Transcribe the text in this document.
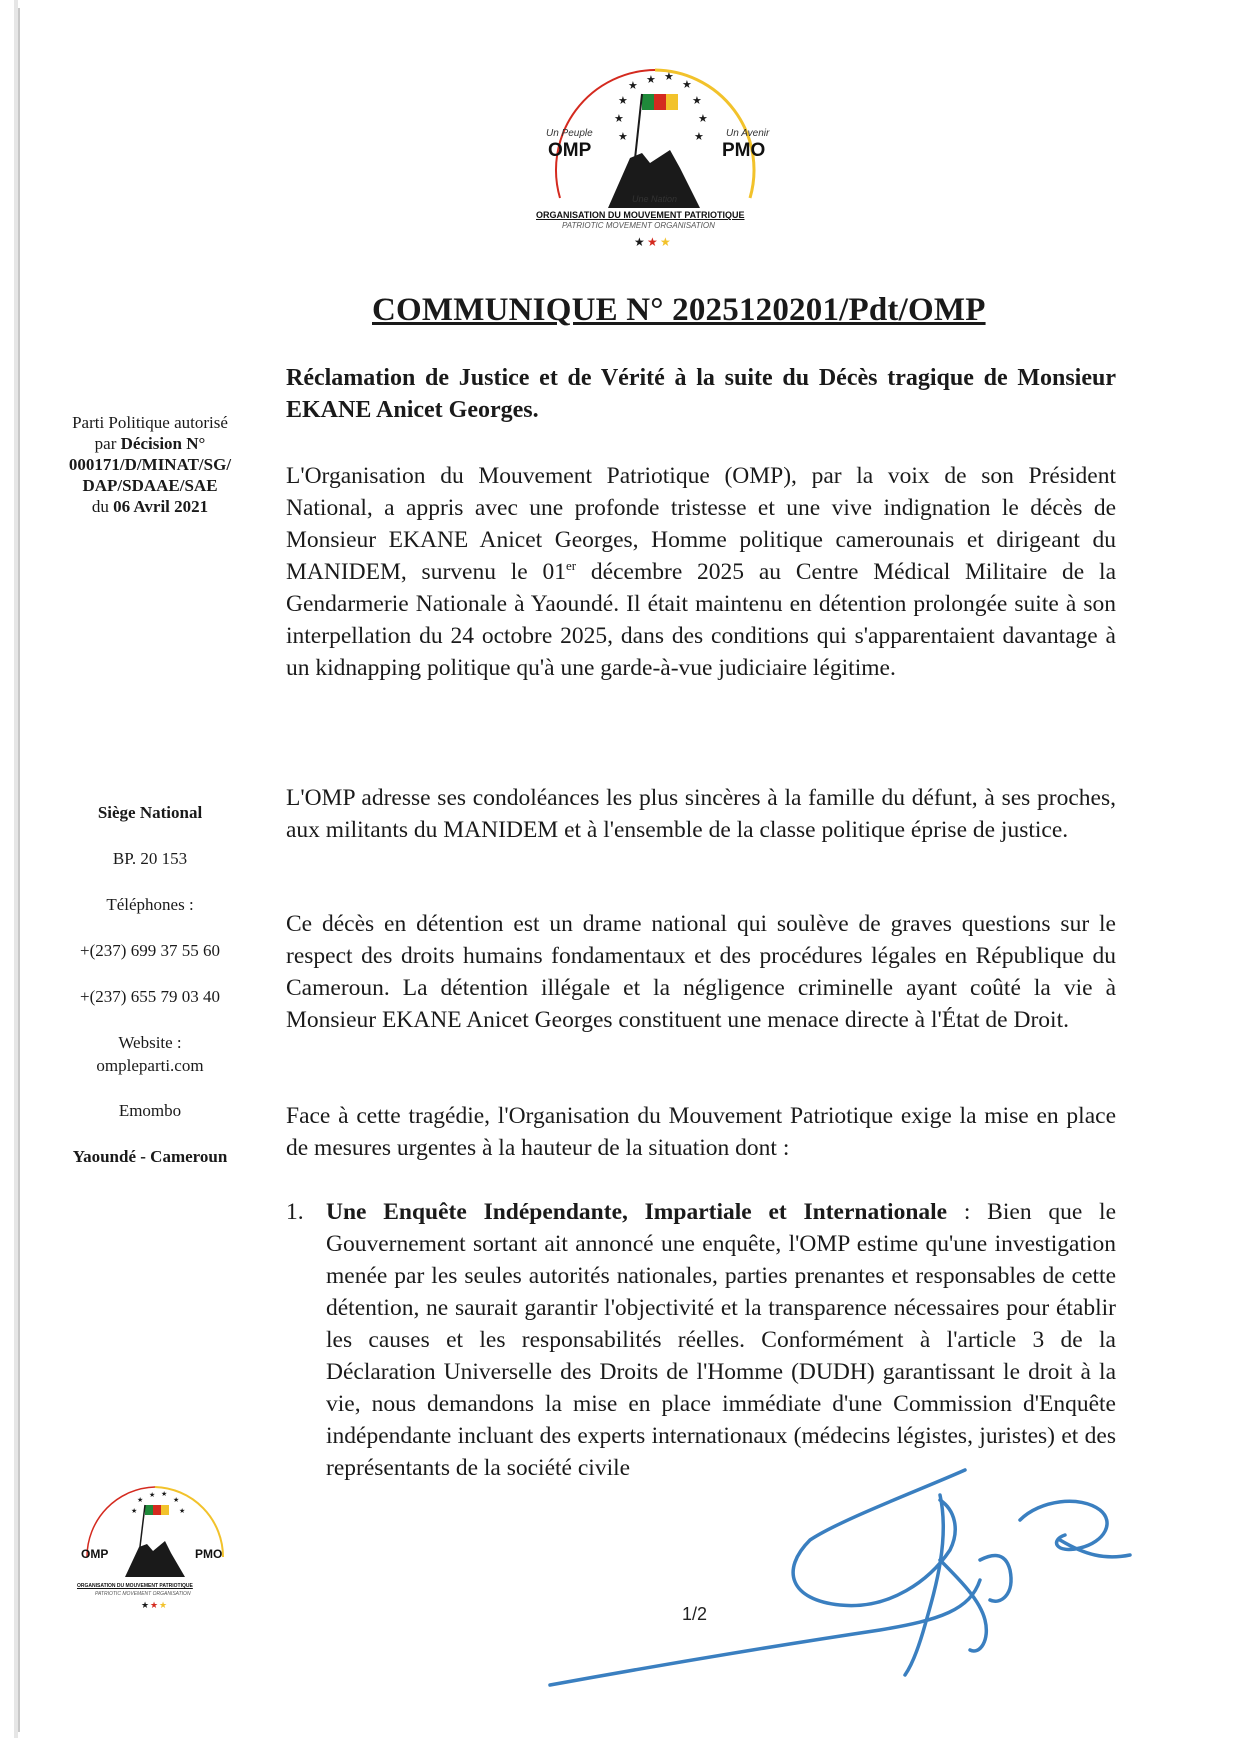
★ ★
★	★
★	★
★	★
★	★
Un Peuple	Un Avenir
OMP	PMO
Une Nation
ORGANISATION DU MOUVEMENT PATRIOTIQUE
PATRIOTIC MOVEMENT ORGANISATION
★ ★ ★
COMMUNIQUE N° 2025120201/Pdt/OMP
Parti Politique autorisé
par Décision N°
000171/D/MINAT/SG/
DAP/SDAAE/SAE
du 06 Avril 2021
Siège National
BP. 20 153
Téléphones :
+(237) 699 37 55 60
+(237) 655 79 03 40
Website :
ompleparti.com
Emombo
Yaoundé - Cameroun
Réclamation de Justice et de Vérité à la suite du Décès tragique de Monsieur EKANE Anicet Georges.
L'Organisation du Mouvement Patriotique (OMP), par la voix de son Président National, a appris avec une profonde tristesse et une vive indignation le décès de Monsieur EKANE Anicet Georges, Homme politique camerounais et dirigeant du MANIDEM, survenu le 01er décembre 2025 au Centre Médical Militaire de la Gendarmerie Nationale à Yaoundé. Il était maintenu en détention prolongée suite à son interpellation du 24 octobre 2025, dans des conditions qui s'apparentaient davantage à un kidnapping politique qu'à une garde-à-vue judiciaire légitime.
L'OMP adresse ses condoléances les plus sincères à la famille du défunt, à ses proches, aux militants du MANIDEM et à l'ensemble de la classe politique éprise de justice.
Ce décès en détention est un drame national qui soulève de graves questions sur le respect des droits humains fondamentaux et des procédures légales en République du Cameroun. La détention illégale et la négligence criminelle ayant coûté la vie à Monsieur EKANE Anicet Georges constituent une menace directe à l'État de Droit.
Face à cette tragédie, l'Organisation du Mouvement Patriotique exige la mise en place de mesures urgentes à la hauteur de la situation dont :
1. Une Enquête Indépendante, Impartiale et Internationale : Bien que le Gouvernement sortant ait annoncé une enquête, l'OMP estime qu'une investigation menée par les seules autorités nationales, parties prenantes et responsables de cette détention, ne saurait garantir l'objectivité et la transparence nécessaires pour établir les causes et les responsabilités réelles. Conformément à l'article 3 de la Déclaration Universelle des Droits de l'Homme (DUDH) garantissant le droit à la vie, nous demandons la mise en place immédiate d'une Commission d'Enquête indépendante incluant des experts internationaux (médecins légistes, juristes) et des représentants de la société civile
★ ★
★	★
★	★
OMP	PMO
ORGANISATION DU MOUVEMENT PATRIOTIQUE
PATRIOTIC MOVEMENT ORGANISATION
★ ★ ★	1/2
